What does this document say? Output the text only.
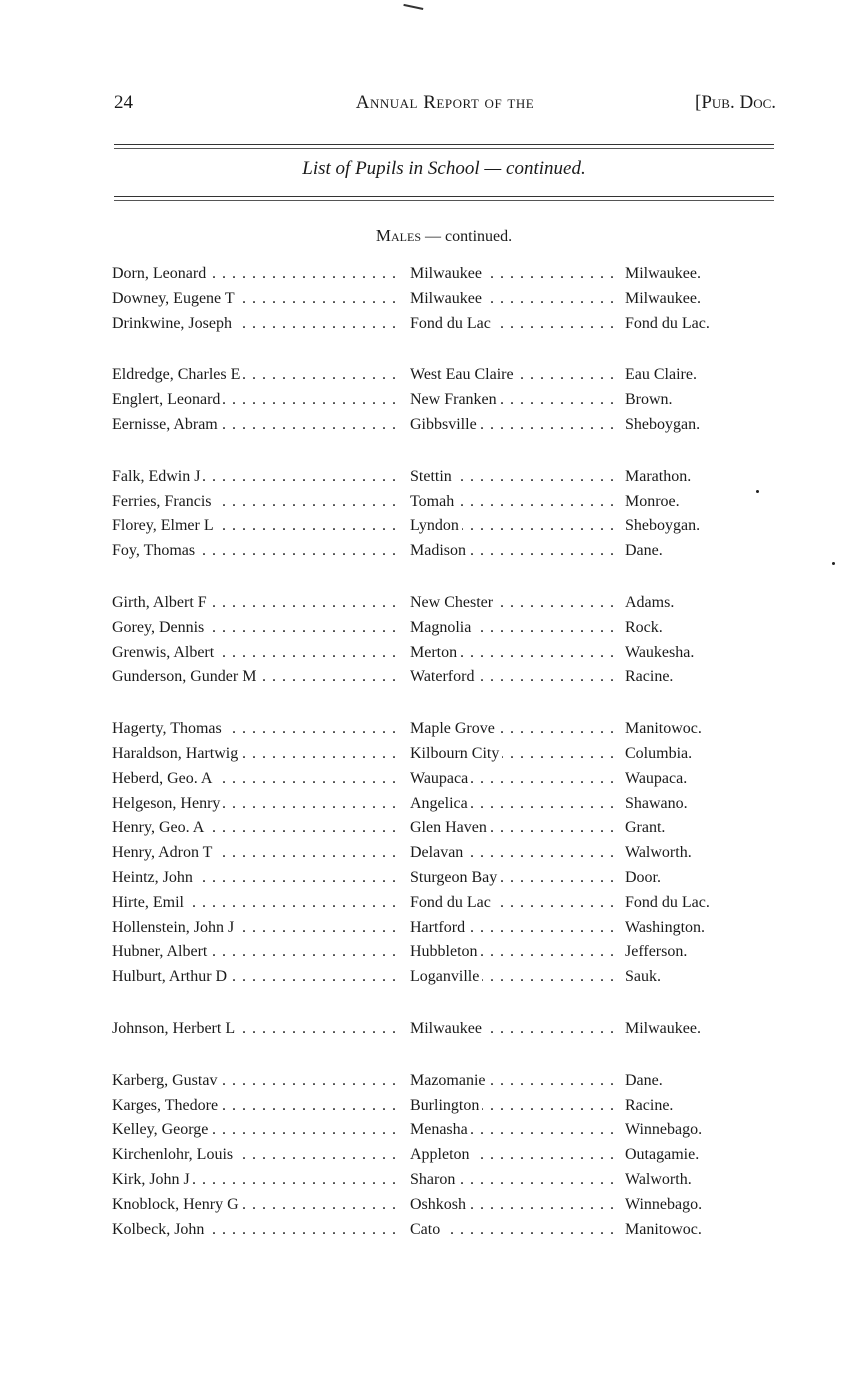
24	Annual Report of the	[Pub. Doc.
List of Pupils in School — continued.
Males — continued.
Dorn, Leonard . . .	Milwaukee . . .	Milwaukee.
Downey, Eugene T . . .	Milwaukee . . .	Milwaukee.
Drinkwine, Joseph . . .	Fond du Lac . . .	Fond du Lac.
Eldredge, Charles E . . .	West Eau Claire . . .	Eau Claire.
Englert, Leonard . . .	New Franken . . .	Brown.
Eernisse, Abram . . .	Gibbsville . . .	Sheboygan.
Falk, Edwin J . . .	Stettin . . .	Marathon.
Ferries, Francis . . .	Tomah . . .	Monroe.
Florey, Elmer L . . .	Lyndon . . .	Sheboygan.
Foy, Thomas . . .	Madison . . .	Dane.
Girth, Albert F . . .	New Chester . . .	Adams.
Gorey, Dennis . . .	Magnolia . . .	Rock.
Grenwis, Albert . . .	Merton . . .	Waukesha.
Gunderson, Gunder M . . .	Waterford . . .	Racine.
Hagerty, Thomas . . .	Maple Grove . . .	Manitowoc.
Haraldson, Hartwig . . .	Kilbourn City . . .	Columbia.
Heberd, Geo. A . . .	Waupaca . . .	Waupaca.
Helgeson, Henry . . .	Angelica . . .	Shawano.
Henry, Geo. A . . .	Glen Haven . . .	Grant.
Henry, Adron T . . .	Delavan . . .	Walworth.
Heintz, John . . .	Sturgeon Bay . . .	Door.
Hirte, Emil . . .	Fond du Lac . . .	Fond du Lac.
Hollenstein, John J . . .	Hartford . . .	Washington.
Hubner, Albert . . .	Hubbleton . . .	Jefferson.
Hulburt, Arthur D . . .	Loganville . . .	Sauk.
Johnson, Herbert L . . .	Milwaukee . . .	Milwaukee.
Karberg, Gustav . . .	Mazomanie . . .	Dane.
Karges, Thedore . . .	Burlington . . .	Racine.
Kelley, George . . .	Menasha . . .	Winnebago.
Kirchenlohr, Louis . . .	Appleton . . .	Outagamie.
Kirk, John J . . .	Sharon . . .	Walworth.
Knoblock, Henry G . . .	Oshkosh . . .	Winnebago.
Kolbeck, John . . .	Cato . . .	Manitowoc.
